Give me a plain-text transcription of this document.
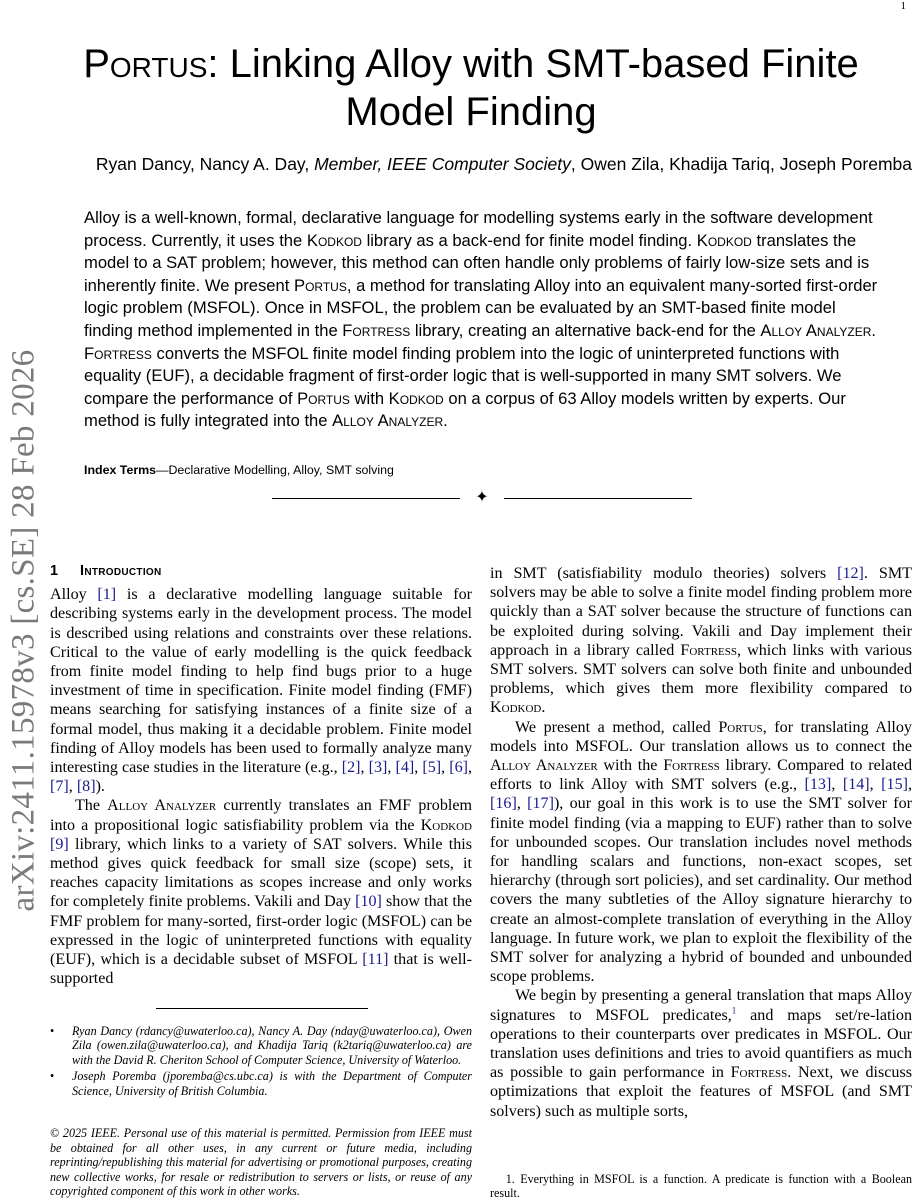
1
arXiv:2411.15978v3 [cs.SE] 28 Feb 2026
Portus: Linking Alloy with SMT-based Finite
Model Finding
Ryan Dancy, Nancy A. Day, Member, IEEE Computer Society, Owen Zila, Khadija Tariq, Joseph Poremba
Alloy is a well-known, formal, declarative language for modelling systems early in the software development process. Currently, it uses the Kodkod library as a back-end for finite model finding. Kodkod translates the model to a SAT problem; however, this method can often handle only problems of fairly low-size sets and is inherently finite. We present Portus, a method for translating Alloy into an equivalent many-sorted first-order logic problem (MSFOL). Once in MSFOL, the problem can be evaluated by an SMT-based finite model finding method implemented in the Fortress library, creating an alternative back-end for the Alloy Analyzer. Fortress converts the MSFOL finite model finding problem into the logic of uninterpreted functions with equality (EUF), a decidable fragment of first-order logic that is well-supported in many SMT solvers. We compare the performance of Portus with Kodkod on a corpus of 63 Alloy models written by experts. Our method is fully integrated into the Alloy Analyzer.
Index Terms—Declarative Modelling, Alloy, SMT solving
✦
1 Introduction

Alloy [1] is a declarative modelling language suitable for describing systems early in the development process. The model is described using relations and constraints over these relations. Critical to the value of early modelling is the quick feedback from finite model finding to help find bugs prior to a huge investment of time in specification. Finite model finding (FMF) means searching for satisfying instances of a finite size of a formal model, thus making it a decidable problem. Finite model finding of Alloy models has been used to formally analyze many interesting case studies in the literature (e.g., [2], [3], [4], [5], [6], [7], [8]).

The Alloy Analyzer currently translates an FMF problem into a propositional logic satisfiability problem via the Kodkod [9] library, which links to a variety of SAT solvers. While this method gives quick feedback for small size (scope) sets, it reaches capacity limitations as scopes increase and only works for completely finite problems. Vakili and Day [10] show that the FMF problem for many-sorted, first-order logic (MSFOL) can be expressed in the logic of uninterpreted functions with equality (EUF), which is a decidable subset of MSFOL [11] that is well-supported

• Ryan Dancy (rdancy@uwaterloo.ca), Nancy A. Day (nday@uwaterloo.ca), Owen Zila (owen.zila@uwaterloo.ca), and Khadija Tariq (k2tariq@uwaterloo.ca) are with the David R. Cheriton School of Computer Science, University of Waterloo.
• Joseph Poremba (jporemba@cs.ubc.ca) is with the Department of Computer Science, University of British Columbia.
© 2025 IEEE. Personal use of this material is permitted. Permission from IEEE must be obtained for all other uses, in any current or future media, including reprinting/republishing this material for advertising or promotional purposes, creating new collective works, for resale or redistribution to servers or lists, or reuse of any copyrighted component of this work in other works.

in SMT (satisfiability modulo theories) solvers [12]. SMT solvers may be able to solve a finite model finding problem more quickly than a SAT solver because the structure of functions can be exploited during solving. Vakili and Day implement their approach in a library called Fortress, which links with various SMT solvers. SMT solvers can solve both finite and unbounded problems, which gives them more flexibility compared to Kodkod.

We present a method, called Portus, for translating Alloy models into MSFOL. Our translation allows us to connect the Alloy Analyzer with the Fortress library. Compared to related efforts to link Alloy with SMT solvers (e.g., [13], [14], [15], [16], [17]), our goal in this work is to use the SMT solver for finite model finding (via a mapping to EUF) rather than to solve for unbounded scopes. Our translation includes novel methods for handling scalars and functions, non-exact scopes, set hierarchy (through sort policies), and set cardinality. Our method covers the many subtleties of the Alloy signature hierarchy to create an almost-complete translation of everything in the Alloy language. In future work, we plan to exploit the flexibility of the SMT solver for analyzing a hybrid of bounded and unbounded scope problems.

We begin by presenting a general translation that maps Alloy signatures to MSFOL predicates,$^1$ and maps set/re-lation operations to their counterparts over predicates in MSFOL. Our translation uses definitions and tries to avoid quantifiers as much as possible to gain performance in Fortress. Next, we discuss optimizations that exploit the features of MSFOL (and SMT solvers) such as multiple sorts,

1. Everything in MSFOL is a function. A predicate is function with a Boolean result.
